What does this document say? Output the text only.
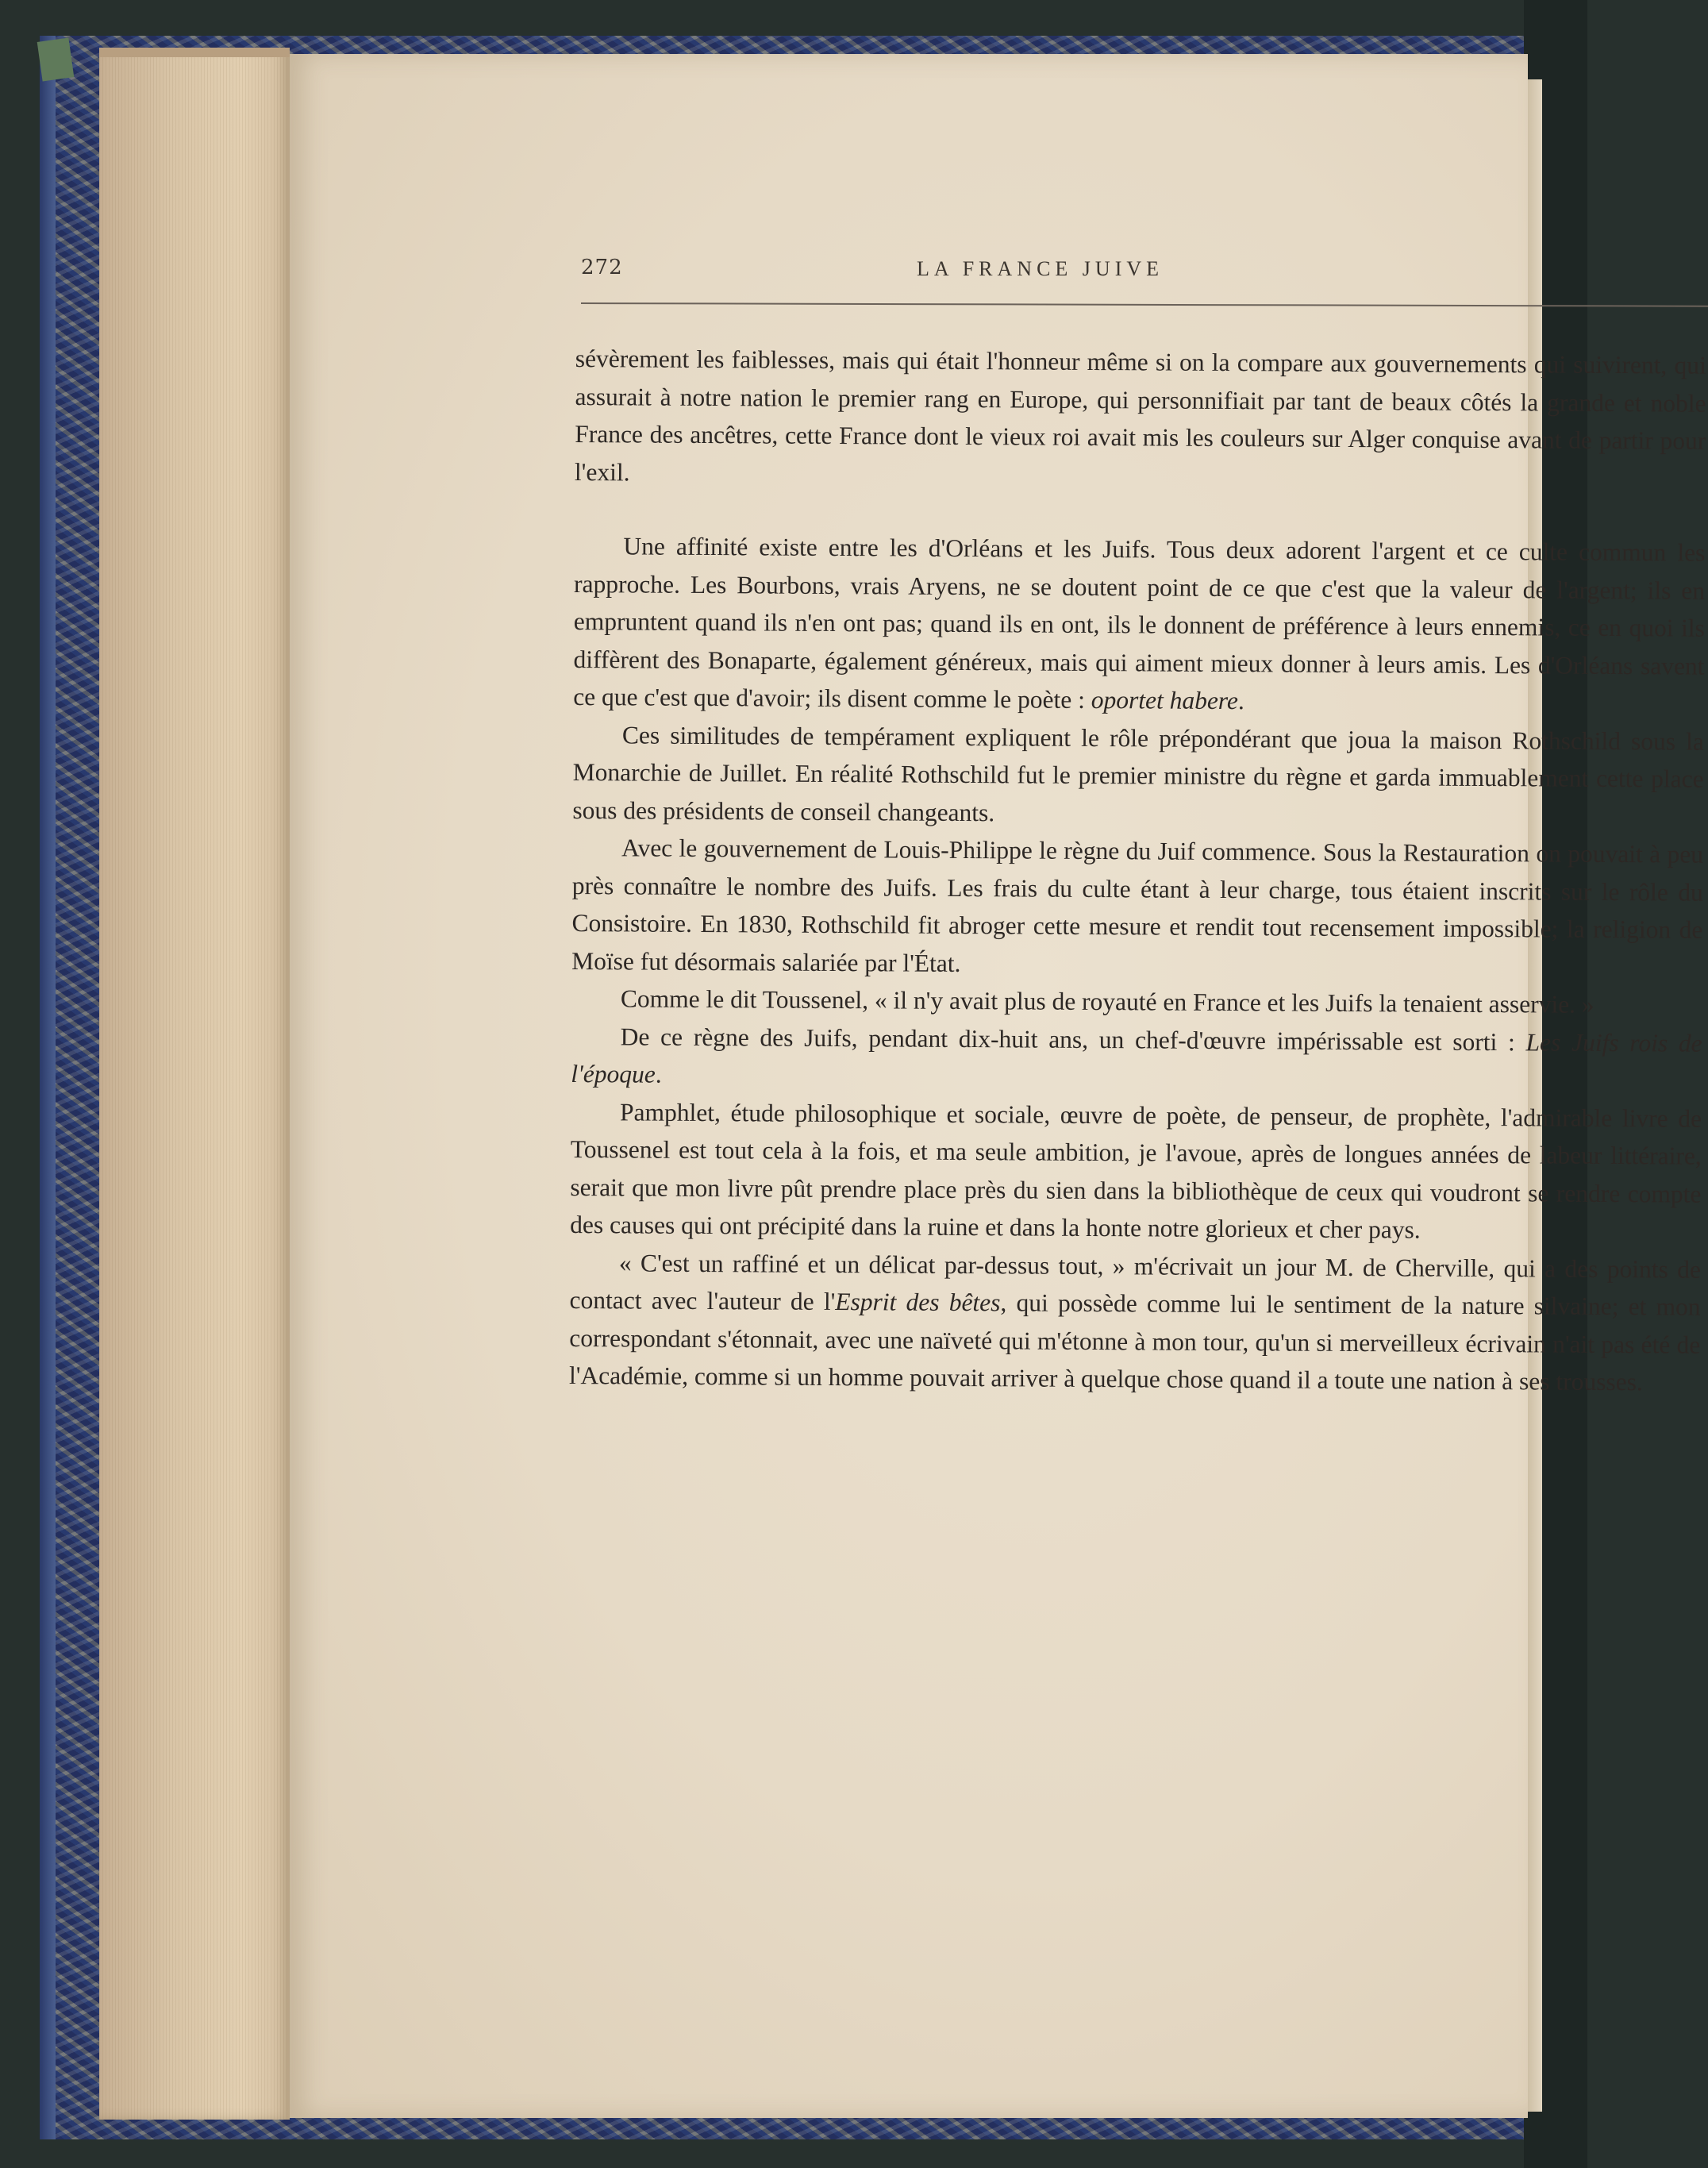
272	LA FRANCE JUIVE

sévèrement les faiblesses, mais qui était l'honneur même si on la compare aux gouvernements qui suivirent, qui assurait à notre nation le premier rang en Europe, qui personnifiait par tant de beaux côtés la grande et noble France des ancêtres, cette France dont le vieux roi avait mis les couleurs sur Alger conquise avant de partir pour l'exil.

Une affinité existe entre les d'Orléans et les Juifs. Tous deux adorent l'argent et ce culte commun les rapproche. Les Bourbons, vrais Aryens, ne se doutent point de ce que c'est que la valeur de l'argent; ils en empruntent quand ils n'en ont pas; quand ils en ont, ils le donnent de préférence à leurs ennemis, ce en quoi ils diffèrent des Bonaparte, également généreux, mais qui aiment mieux donner à leurs amis. Les d'Orléans savent ce que c'est que d'avoir; ils disent comme le poète : oportet habere.

Ces similitudes de tempérament expliquent le rôle prépondérant que joua la maison Rothschild sous la Monarchie de Juillet. En réalité Rothschild fut le premier ministre du règne et garda immuablement cette place sous des présidents de conseil changeants.

Avec le gouvernement de Louis-Philippe le règne du Juif commence. Sous la Restauration on pouvait à peu près connaître le nombre des Juifs. Les frais du culte étant à leur charge, tous étaient inscrits sur le rôle du Consistoire. En 1830, Rothschild fit abroger cette mesure et rendit tout recensement impossible; la religion de Moïse fut désormais salariée par l'État.

Comme le dit Toussenel, « il n'y avait plus de royauté en France et les Juifs la tenaient asservie. »

De ce règne des Juifs, pendant dix-huit ans, un chef-d'œuvre impérissable est sorti : Les Juifs rois de l'époque.

Pamphlet, étude philosophique et sociale, œuvre de poète, de penseur, de prophète, l'admirable livre de Toussenel est tout cela à la fois, et ma seule ambition, je l'avoue, après de longues années de labeur littéraire, serait que mon livre pût prendre place près du sien dans la bibliothèque de ceux qui voudront se rendre compte des causes qui ont précipité dans la ruine et dans la honte notre glorieux et cher pays.

« C'est un raffiné et un délicat par-dessus tout, » m'écrivait un jour M. de Cherville, qui a des points de contact avec l'auteur de l'Esprit des bêtes, qui possède comme lui le sentiment de la nature silvaine; et mon correspondant s'étonnait, avec une naïveté qui m'étonne à mon tour, qu'un si merveilleux écrivain n'ait pas été de l'Académie, comme si un homme pouvait arriver à quelque chose quand il a toute une nation à ses trousses.
